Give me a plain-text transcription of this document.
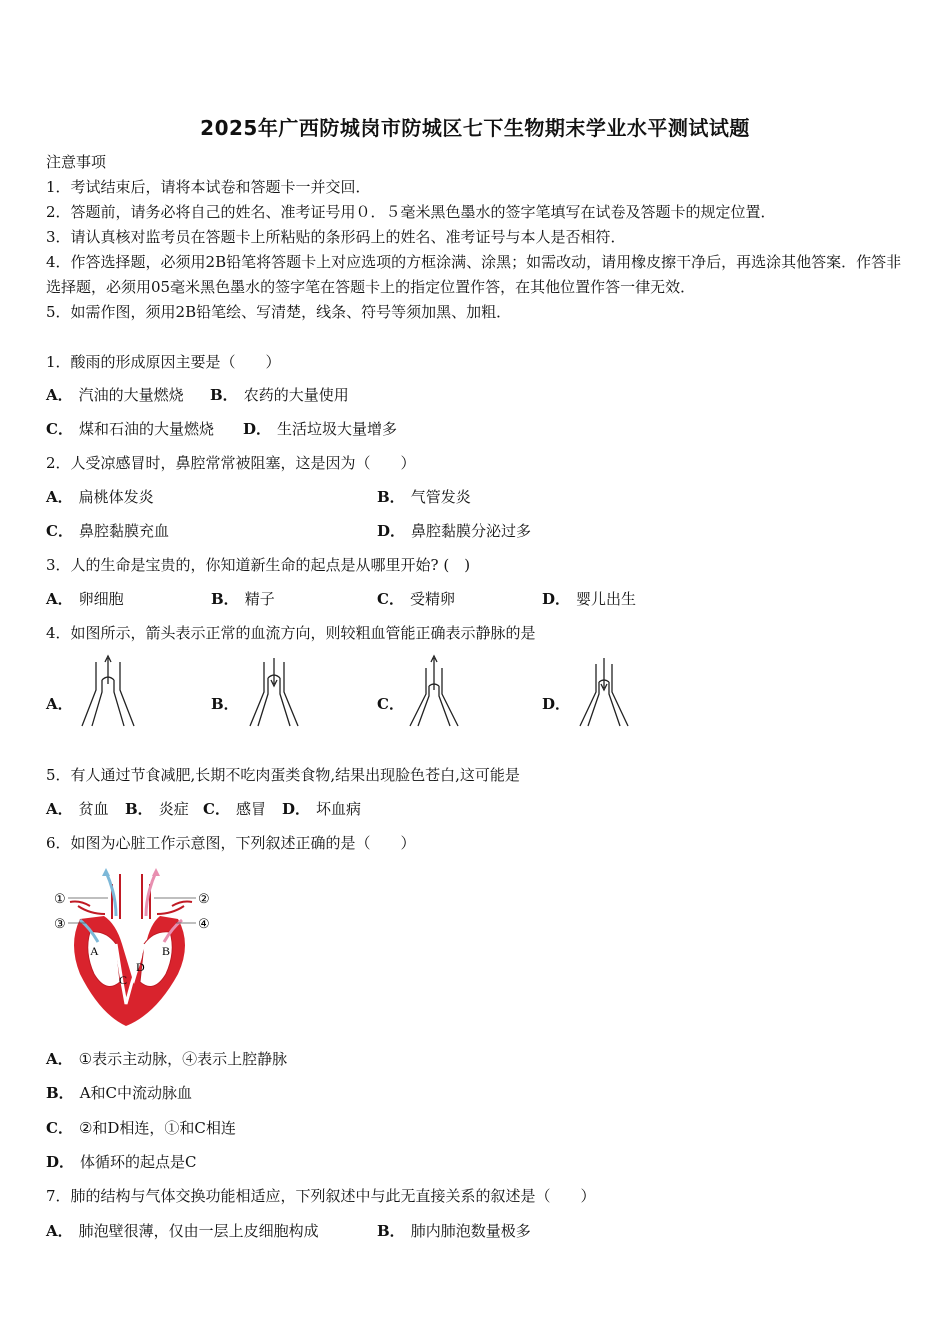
2025年广西防城岗市防城区七下生物期末学业水平测试试题
注意事项
1．考试结束后，请将本试卷和答题卡一并交回．
2．答题前，请务必将自己的姓名、准考证号用０．５毫米黑色墨水的签字笔填写在试卷及答题卡的规定位置．
3．请认真核对监考员在答题卡上所粘贴的条形码上的姓名、准考证号与本人是否相符．
4．作答选择题，必须用2B铅笔将答题卡上对应选项的方框涂满、涂黑；如需改动，请用橡皮擦干净后，再选涂其他答案．作答非选择题，必须用05毫米黑色墨水的签字笔在答题卡上的指定位置作答，在其他位置作答一律无效．
5．如需作图，须用2B铅笔绘、写清楚，线条、符号等须加黑、加粗．
1．酸雨的形成原因主要是（　　）
A． 汽油的大量燃烧 B． 农药的大量使用
C． 煤和石油的大量燃烧 D． 生活垃圾大量增多
2．人受凉感冒时，鼻腔常常被阻塞，这是因为（　　）
A． 扁桃体发炎	B． 气管发炎
C． 鼻腔黏膜充血	D． 鼻腔黏膜分泌过多
3．人的生命是宝贵的，你知道新生命的起点是从哪里开始? (　)
A． 卵细胞	B． 精子	C． 受精卵	D． 婴儿出生
4．如图所示，箭头表示正常的血流方向，则较粗血管能正确表示静脉的是
A．	B．	C．	D．
5．有人通过节食减肥,长期不吃肉蛋类食物,结果出现脸色苍白,这可能是
A． 贫血 B． 炎症 C． 感冒 D． 坏血病
6．如图为心脏工作示意图，下列叙述正确的是（　　）
①	②
③	④
A	B
C
D
A． ①表示主动脉，④表示上腔静脉
B． A和C中流动脉血
C． ②和D相连，①和C相连
D． 体循环的起点是C
7．肺的结构与气体交换功能相适应，下列叙述中与此无直接关系的叙述是（　　）
A． 肺泡壁很薄，仅由一层上皮细胞构成	B． 肺内肺泡数量极多
